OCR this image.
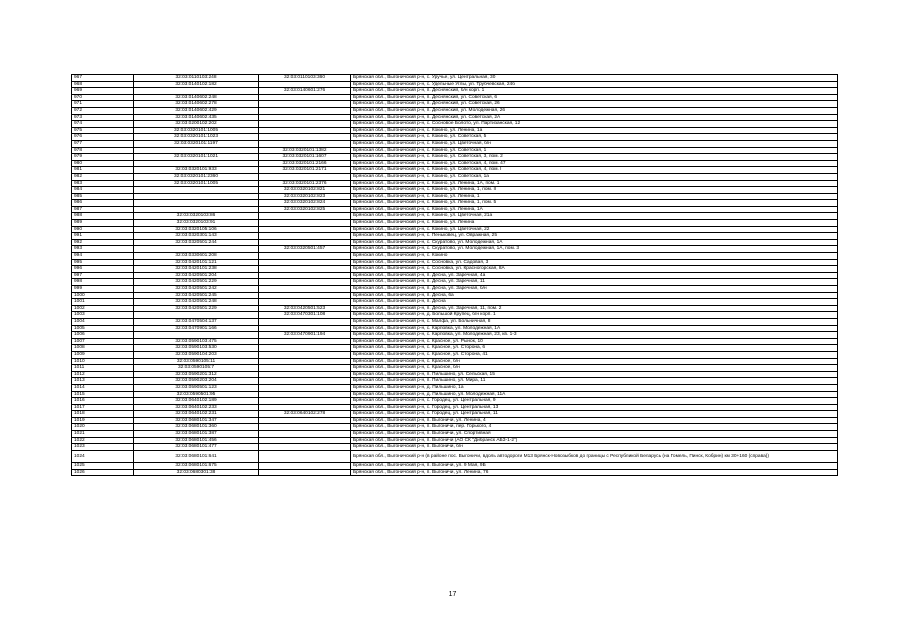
967	32:03:0110103:248	32:03:0110103:360	Брянская обл., Выгоничский р-н, с. Уручье, ул. Центральная, 30
968	32:03:0140102:182		Брянская обл., Выгоничский р-н, с. Удельные Углы, ул. Трубчевская, 24б
969		32:03:0140601:276	Брянская обл., Выгоничский р-н, п. Деснянский, б/н корп. 1
970	32:03:0140602:248		Брянская обл., Выгоничский р-н, п. Деснянский, ул. Советская, 6
971	32:03:0140602:278		Брянская обл., Выгоничский р-н, п. Деснянский, ул. Советская, 26
972	32:03:0140602:429		Брянская обл., Выгоничский р-н, п. Деснянский, ул. Молодежная, 26
973	32:03:0140602:435		Брянская обл., Выгоничский р-н, п. Деснянский, ул. Советская, 2А
974	32:03:0200102:202		Брянская обл., Выгоничский р-н, с. Сосновое Болото, ул. Партизанская, 12
975	32:03:0320101:1005		Брянская обл., Выгоничский р-н, с. Кокино, ул. Ленина, 1а
976	32:03:0320101:1023		Брянская обл., Выгоничский р-н, с. Кокино, ул. Советская, 5
977	32:03:0320101:1197		Брянская обл., Выгоничский р-н, с. Кокино, ул. Цветочная, б/н
978		32:03:0320101:1382	Брянская обл., Выгоничский р-н, с. Кокино, ул. Советская, 1
979	32:03:0320101:1021	32:03:0320101:1607	Брянская обл., Выгоничский р-н, с. Кокино, ул. Советская, 3, пом. 2
980		32:03:0320101:2166	Брянская обл., Выгоничский р-н, с. Кокино, ул. Советская, 4, пом. 47
981	32:03:0320101:933	32:03:0320101:2171	Брянская обл., Выгоничский р-н, с. Кокино, ул. Советская, 4, пом. I
982	32:03:0320101:2360		Брянская обл., Выгоничский р-н, с. Кокино, ул. Советская, 1а
983	32:03:0320101:1005	32:03:0320101:2376	Брянская обл., Выгоничский р-н, с. Кокино, ул. Ленина, 1А, пом. 1
984		32:03:0320102:821	Брянская обл., Выгоничский р-н, с. Кокино, ул. Ленина, 1, пом. II
985		32:03:0320102:823	Брянская обл., Выгоничский р-н, с. Кокино, ул. Ленина, 1
986		32:03:0320102:824	Брянская обл., Выгоничский р-н, с. Кокино, ул. Ленина, 1, пом. 5
987		32:03:0320102:825	Брянская обл., Выгоничский р-н, с. Кокино, ул. Ленина, 1А
988	32:03:0320103:86		Брянская обл., Выгоничский р-н, с. Кокино, ул. Цветочная, 21а
989	32:03:0320103:91		Брянская обл., Выгоничский р-н, с. Кокино, ул. Ленина
990	32:03:0320105:106		Брянская обл., Выгоничский р-н, с. Кокино, ул. Цветочная, 22
991	32:03:0320301:143		Брянская обл., Выгоничский р-н, с. Пеньковец, ул. Овражная, 25
992	32:03:0320501:244		Брянская обл., Выгоничский р-н, с. Скуратово, ул. Молодежная, 1А
993		32:03:0320501:457	Брянская обл., Выгоничский р-н, с. Скуратово, ул. Молодежная, 1А, пом. 3
994	32:03:0330601:208		Брянская обл., Выгоничский р-н, с. Кокино
995	32:03:0420101:121		Брянская обл., Выгоничский р-н, с. Сосновка, ул. Садовая, 3
996	32:03:0420101:238		Брянская обл., Выгоничский р-н, с. Сосновка, ул. Красногорская, 8А
997	32:03:0420501:204		Брянская обл., Выгоничский р-н, п. Десна, ул. Заречная, 4а
998	32:03:0420501:229		Брянская обл., Выгоничский р-н, п. Десна, ул. Заречная, 11
999	32:03:0420501:242		Брянская обл., Выгоничский р-н, п. Десна, ул. Заречная, б/н
1000	32:03:0420501:245		Брянская обл., Выгоничский р-н, п. Десна, 6а
1001	32:03:0420501:248		Брянская обл., Выгоничский р-н, п. Десна
1002	32:03:0420501:229	32:03:0420501:523	Брянская обл., Выгоничский р-н, п. Десна, ул. Заречная, 11, пом. 2
1003		32:03:0470301:108	Брянская обл., Выгоничский р-н, д. Большой Крупец, б/н корп. 1
1004	32:03:0470504:137		Брянская обл., Выгоничский р-н, с. Малфа, ул. Больничная, 8
1005	32:03:0470901:166		Брянская обл., Выгоничский р-н, с. Карповка, ул. Молодежная, 1А
1006		32:03:0470901:194	Брянская обл., Выгоничский р-н, с. Карповка, ул. Молодежная, 23, кв. 1-3
1007	32:03:0590103:475		Брянская обл., Выгоничский р-н, с. Красное, ул. Рынок, 10
1008	32:03:0590103:530		Брянская обл., Выгоничский р-н, с. Красное, ул. Сторона, 6
1009	32:03:0590104:203		Брянская обл., Выгоничский р-н, с. Красное, ул. Сторона, 41
1010	32:03:0590105:11		Брянская обл., Выгоничский р-н, с. Красное, б/н
1011	32:03:0590105:7		Брянская обл., Выгоничский р-н, с. Красное, б/н
1012	32:03:0590201:312		Брянская обл., Выгоничский р-н, п. Пильшино, ул. Сельская, 15
1013	32:03:0590203:204		Брянская обл., Выгоничский р-н, п. Пильшино, ул. Мира, 11
1014	32:03:0590501:123		Брянская обл., Выгоничский р-н, д. Пильшино, 1а
1015	32:03:0590501:95		Брянская обл., Выгоничский р-н, д. Пильшино, ул. Молодежная, 11А
1016	32:03:0640102:189		Брянская обл., Выгоничский р-н, с. Городец, ул. Центральная, 9
1017	32:03:0640102:233		Брянская обл., Выгоничский р-н, с. Городец, ул. Центральная, 13
1018	32:03:0640102:231	32:03:0640102:278	Брянская обл., Выгоничский р-н, с. Городец, ул. Центральная, 11
1019	32:03:0680101:347		Брянская обл., Выгоничский р-н, п. Выгоничи, ул. Ленина, 4
1020	32:03:0680101:360		Брянская обл., Выгоничский р-н, п. Выгоничи, пер. Горького, 4
1021	32:03:0680101:387		Брянская обл., Выгоничский р-н, п. Выгоничи, ул. Спортивная
1022	32:03:0680101:456		Брянская обл., Выгоничский р-н, п. Выгоничи (АО СК "Дибранск АБЗ-1-2")
1023	32:03:0680101:477		Брянская обл., Выгоничский р-н, п. Выгоничи, б/н
1024	32:03:0680101:641		Брянская обл., Выгоничский р-н (в районе пос. Выгоничи, вдоль автодороги М13 Брянск-Новозыбков до границы с Республикой Беларусь (на Гомель, Пинск, Кобрин) км 30+160 (справа))
1025	32:03:0680101:675		Брянская обл., Выгоничский р-н, п. Выгоничи, ул. 9 Мая, 9Б
1026	32:03:0680301:38		Брянская обл., Выгоничский р-н, п. Выгоничи, ул. Ленина, 76
17
